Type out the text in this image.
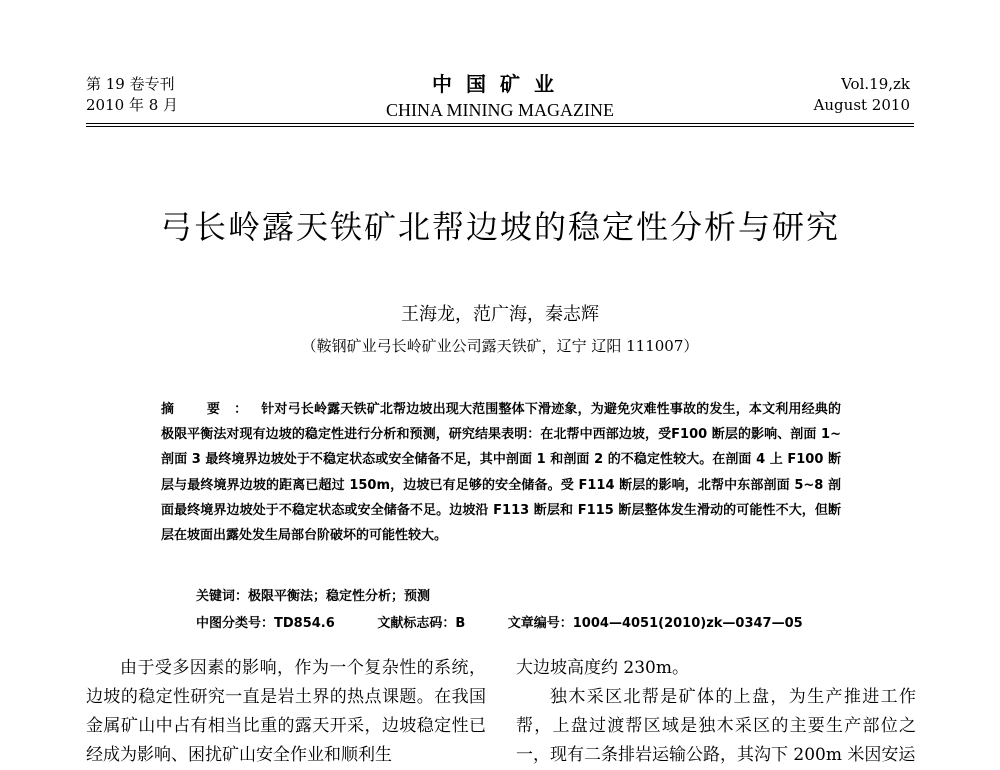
第 19 卷专刊
2010 年 8 月
中国矿业
CHINA MINING MAGAZINE
Vol.19,zk
August 2010
弓长岭露天铁矿北帮边坡的稳定性分析与研究
王海龙，范广海，秦志辉
（鞍钢矿业弓长岭矿业公司露天铁矿，辽宁 辽阳 111007）
摘 要：针对弓长岭露天铁矿北帮边坡出现大范围整体下滑迹象，为避免灾难性事故的发生，本文利用经典的极限平衡法对现有边坡的稳定性进行分析和预测，研究结果表明：在北帮中西部边坡，受F100 断层的影响、剖面 1~剖面 3 最终境界边坡处于不稳定状态或安全储备不足，其中剖面 1 和剖面 2 的不稳定性较大。在剖面 4 上 F100 断层与最终境界边坡的距离已超过 150m，边坡已有足够的安全储备。受 F114 断层的影响，北帮中东部剖面 5~8 剖面最终境界边坡处于不稳定状态或安全储备不足。边坡沿 F113 断层和 F115 断层整体发生滑动的可能性不大，但断层在坡面出露处发生局部台阶破坏的可能性较大。
关键词：极限平衡法；稳定性分析；预测
中图分类号：TD854.6	文献标志码：B	文章编号：1004—4051(2010)zk—0347—05
由于受多因素的影响，作为一个复杂性的系统，边坡的稳定性研究一直是岩土界的热点课题。在我国金属矿山中占有相当比重的露天开采，边坡稳定性已经成为影响、困扰矿山安全作业和顺利生
大边坡高度约 230m。
独木采区北帮是矿体的上盘，为生产推进工作帮，上盘过渡帮区域是独木采区的主要生产部位之一，现有二条排岩运输公路，其沟下 200m 米因安运
